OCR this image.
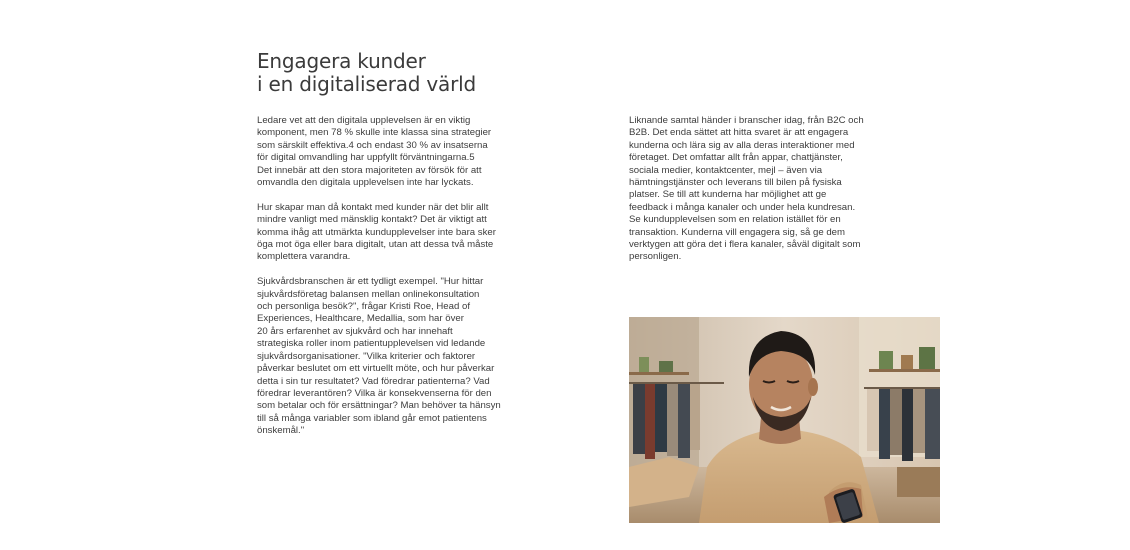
Engagera kunder
i en digitaliserad värld

Ledare vet att den digitala upplevelsen är en viktig
komponent, men 78 % skulle inte klassa sina strategier
som särskilt effektiva.4 och endast 30 % av insatserna
för digital omvandling har uppfyllt förväntningarna.5
Det innebär att den stora majoriteten av försök för att
omvandla den digitala upplevelsen inte har lyckats.

Hur skapar man då kontakt med kunder när det blir allt
mindre vanligt med mänsklig kontakt? Det är viktigt att
komma ihåg att utmärkta kundupplevelser inte bara sker
öga mot öga eller bara digitalt, utan att dessa två måste
komplettera varandra.

Sjukvårdsbranschen är ett tydligt exempel. "Hur hittar
sjukvårdsföretag balansen mellan onlinekonsultation
och personliga besök?", frågar Kristi Roe, Head of
Experiences, Healthcare, Medallia, som har över
20 års erfarenhet av sjukvård och har innehaft
strategiska roller inom patientupplevelsen vid ledande
sjukvårdsorganisationer. "Vilka kriterier och faktorer
påverkar beslutet om ett virtuellt möte, och hur påverkar
detta i sin tur resultatet? Vad föredrar patienterna? Vad
föredrar leverantören? Vilka är konsekvenserna för den
som betalar och för ersättningar? Man behöver ta hänsyn
till så många variabler som ibland går emot patientens
önskemål."

Liknande samtal händer i branscher idag, från B2C och
B2B. Det enda sättet att hitta svaret är att engagera
kunderna och lära sig av alla deras interaktioner med
företaget. Det omfattar allt från appar, chattjänster,
sociala medier, kontaktcenter, mejl – även via
hämtningstjänster och leverans till bilen på fysiska
platser. Se till att kunderna har möjlighet att ge
feedback i många kanaler och under hela kundresan.
Se kundupplevelsen som en relation istället för en
transaktion. Kunderna vill engagera sig, så ge dem
verktygen att göra det i flera kanaler, såväl digitalt som
personligen.
